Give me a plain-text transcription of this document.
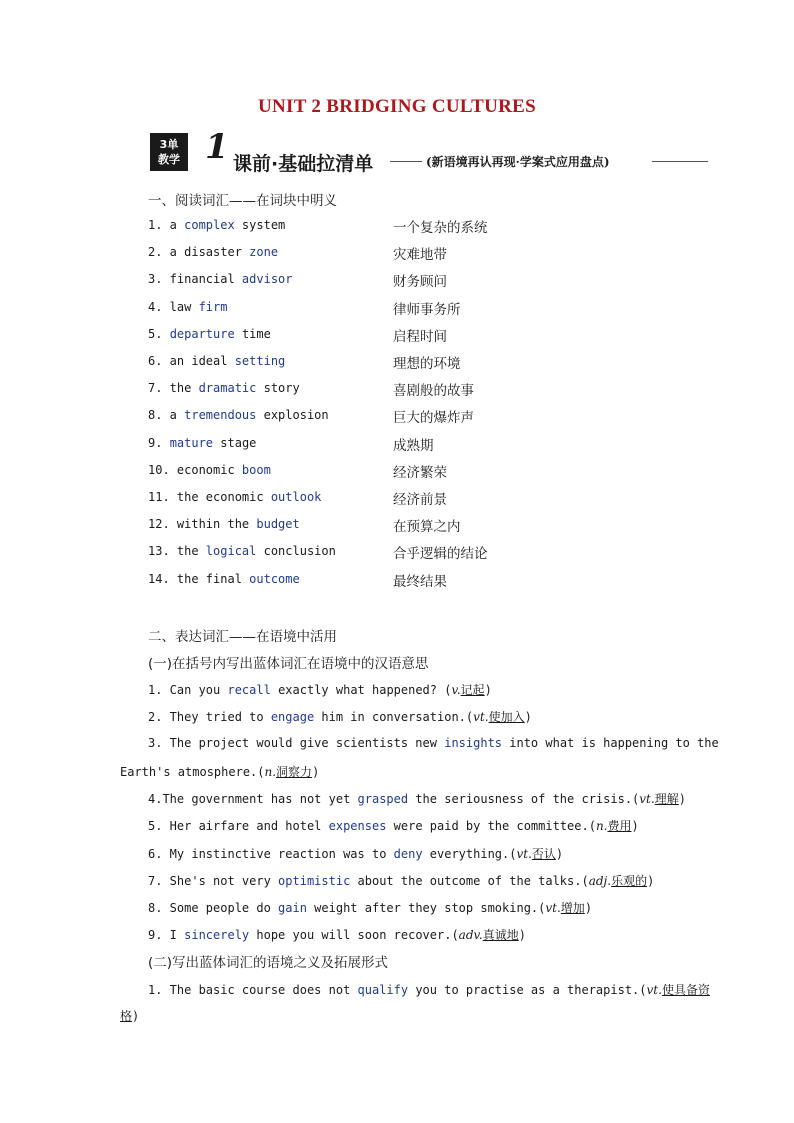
UNIT 2 BRIDGING CULTURES
3单
教学 1 课前·基础拉清单	(新语境再认再现·学案式应用盘点)
一、阅读词汇——在词块中明义
1. a complex system	一个复杂的系统
2. a disaster zone	灾难地带
3. financial advisor	财务顾问
4. law firm	律师事务所
5. departure time	启程时间
6. an ideal setting	理想的环境
7. the dramatic story	喜剧般的故事
8. a tremendous explosion	巨大的爆炸声
9. mature stage	成熟期
10. economic boom	经济繁荣
11. the economic outlook	经济前景
12. within the budget	在预算之内
13. the logical conclusion	合乎逻辑的结论
14. the final outcome	最终结果
二、表达词汇——在语境中活用
(一)在括号内写出蓝体词汇在语境中的汉语意思
1. Can you recall exactly what happened? (v.记起)
2. They tried to engage him in conversation.(vt.使加入)
3. The project would give scientists new insights into what is happening to the
Earth's atmosphere.(n.洞察力)
4.The government has not yet grasped the seriousness of the crisis.(vt.理解)
5. Her airfare and hotel expenses were paid by the committee.(n.费用)
6. My instinctive reaction was to deny everything.(vt.否认)
7. She's not very optimistic about the outcome of the talks.(adj.乐观的)
8. Some people do gain weight after they stop smoking.(vt.增加)
9. I sincerely hope you will soon recover.(adv.真诚地)
(二)写出蓝体词汇的语境之义及拓展形式
1. The basic course does not qualify you to practise as a therapist.(vt.使具备资
格)
